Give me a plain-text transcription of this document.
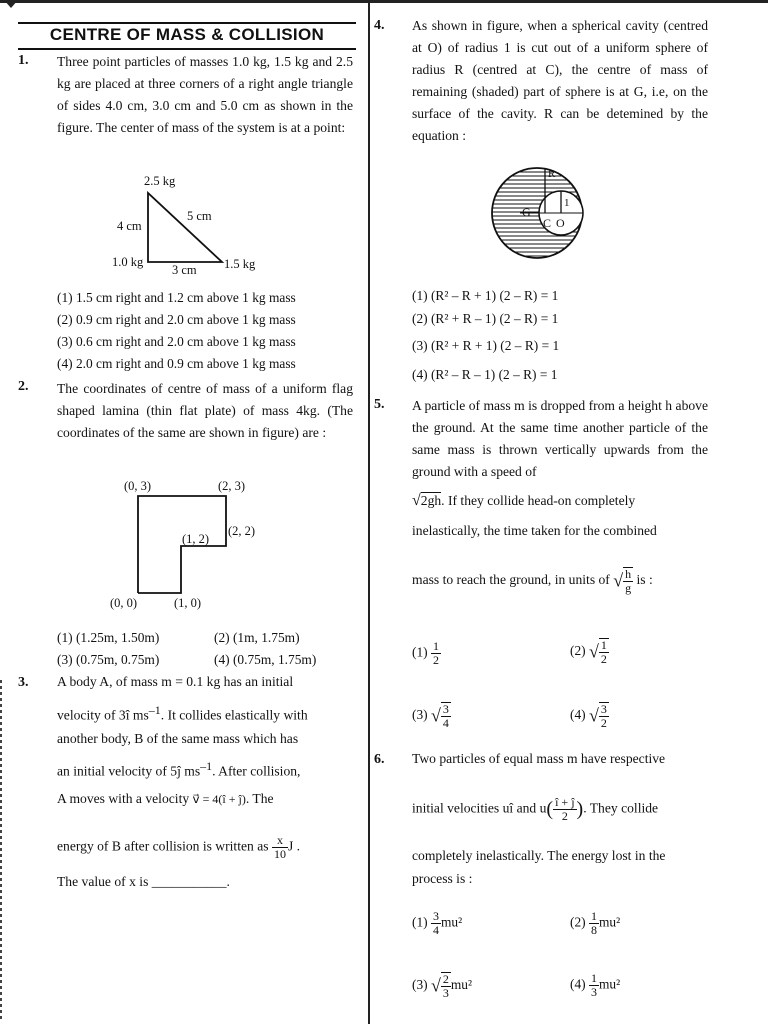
CENTRE OF MASS & COLLISION
1. Three point particles of masses 1.0 kg, 1.5 kg and 2.5 kg are placed at three corners of a right angle triangle of sides 4.0 cm, 3.0 cm and 5.0 cm as shown in the figure. The center of mass of the system is at a point:
2.5 kg
4 cm
5 cm
1.0 kg
3 cm 1.5 kg
(1) 1.5 cm right and 1.2 cm above 1 kg mass
(2) 0.9 cm right and 2.0 cm above 1 kg mass
(3) 0.6 cm right and 2.0 cm above 1 kg mass
(4) 2.0 cm right and 0.9 cm above 1 kg mass
2. The coordinates of centre of mass of a uniform flag shaped lamina (thin flat plate) of mass 4kg. (The coordinates of the same are shown in figure) are :
(0, 3)	(2, 3)
(2, 2)
(1, 2)
(0, 0)	(1, 0)
(1) (1.25m, 1.50m)	(2) (1m, 1.75m)
(3) (0.75m, 0.75m)	(4) (0.75m, 1.75m)
3. A body A, of mass m = 0.1 kg has an initial
velocity of 3î $ms^{-1}$. It collides elastically with
another body, B of the same mass which has
an initial velocity of 5ĵ $ms^{-1}$. After collision,
A moves with a velocity v⃗ = 4(î + ĵ). The
energy of B after collision is written as $\frac{x}{10}$ J .
The value of x is ___________.
4. As shown in figure, when a spherical cavity (centred at O) of radius 1 is cut out of a uniform sphere of radius R (centred at C), the centre of mass of remaining (shaded) part of sphere is at G, i.e, on the surface of the cavity. R can be detemined by the equation :
R
1
G
C O
(1) (R² – R + 1) (2 – R) = 1
(2) (R² + R – 1) (2 – R) = 1
(3) (R² + R + 1) (2 – R) = 1
(4) (R² – R – 1) (2 – R) = 1
5. A particle of mass m is dropped from a height h above the ground. At the same time another particle of the same mass is thrown vertically upwards from the ground with a speed of
√2gh. If they collide head-on completely
inelastically, the time taken for the combined
mass to reach the ground, in units of √ $\frac{h}{g}$ is :
$(1) \frac{1}{2}$	(2) √ $\frac{1}{2}$
(3) √ $\frac{3}{4}$	(4) √ $\frac{3}{2}$
6. Two particles of equal mass m have respective
initial velocities uî and $u( \frac{î + ĵ}{2}$ ). They collide
completely inelastically. The energy lost in the
process is :
$(1) \frac{3}{4} mu^2$	$(2) \frac{1}{8} mu^2$
(3) √ $\frac{2}{3} mu^2$	$(4) \frac{1}{3} mu^2$
